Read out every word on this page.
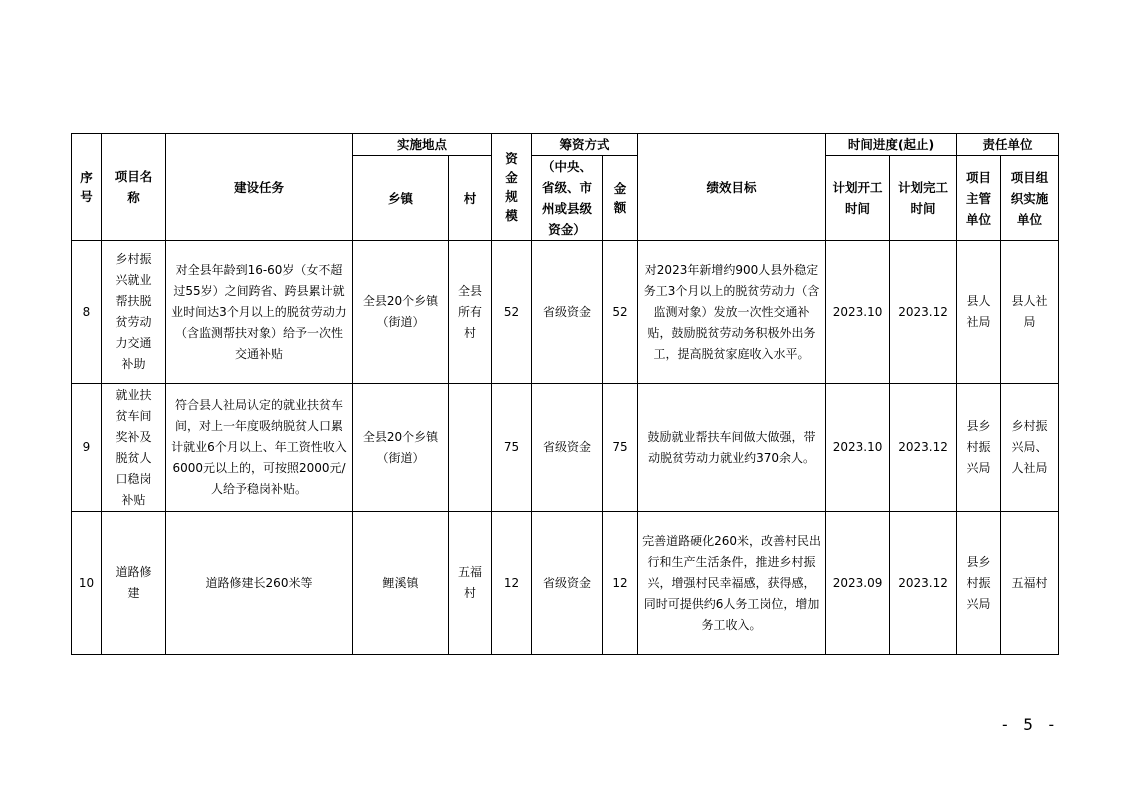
序号	项目名称	建设任务	实施地点		资金规模	筹资方式		绩效目标	时间进度(起止)		责任单位	
			乡镇	村		（中央、省级、市州或县级资金）	金额		计划开工时间	计划完工时间	项目主管单位	项目组织实施单位
8	乡村振兴就业帮扶脱贫劳动力交通补助	对全县年龄到16-60岁（女不超过55岁）之间跨省、跨县累计就业时间达3个月以上的脱贫劳动力（含监测帮扶对象）给予一次性交通补贴	全县20个乡镇（街道）	全县所有村	52	省级资金	52	对2023年新增约900人县外稳定务工3个月以上的脱贫劳动力（含监测对象）发放一次性交通补贴，鼓励脱贫劳动务积极外出务工，提高脱贫家庭收入水平。	2023.10	2023.12	县人社局	县人社局
9	就业扶贫车间奖补及脱贫人口稳岗补贴	符合县人社局认定的就业扶贫车间，对上一年度吸纳脱贫人口累计就业6个月以上、年工资性收入6000元以上的，可按照2000元/人给予稳岗补贴。	全县20个乡镇（街道）		75	省级资金	75	鼓励就业帮扶车间做大做强，带动脱贫劳动力就业约370余人。	2023.10	2023.12	县乡村振兴局	乡村振兴局、人社局
10	道路修建	道路修建长260米等	鲤溪镇	五福村	12	省级资金	12	完善道路硬化260米，改善村民出行和生产生活条件，推进乡村振兴，增强村民幸福感，获得感，同时可提供约6人务工岗位，增加务工收入。	2023.09	2023.12	县乡村振兴局	五福村
- 5 -
